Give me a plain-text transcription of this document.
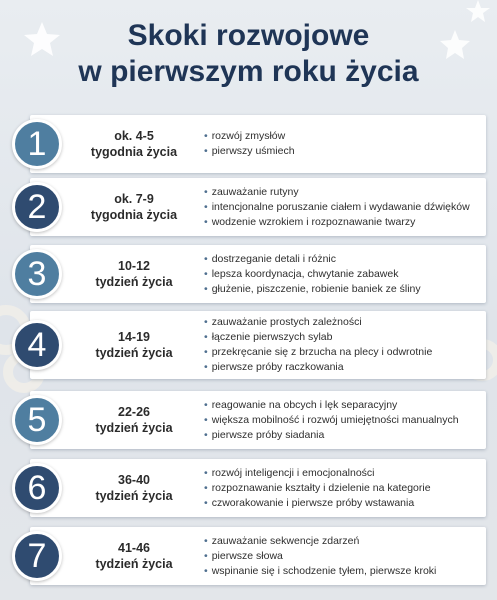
Skoki rozwojowe
w pierwszym roku życia
1	ok. 4-5
tygodnia życia
• rozwój zmysłów
• pierwszy uśmiech
2	ok. 7-9
tygodnia życia
• zauważanie rutyny
• intencjonalne poruszanie ciałem i wydawanie dźwięków
• wodzenie wzrokiem i rozpoznawanie twarzy
3	10-12
tydzień życia
• dostrzeganie detali i różnic
• lepsza koordynacja, chwytanie zabawek
• głużenie, piszczenie, robienie baniek ze śliny
4	14-19
tydzień życia
• zauważanie prostych zależności
• łączenie pierwszych sylab
• przekręcanie się z brzucha na plecy i odwrotnie
• pierwsze próby raczkowania
5	22-26
tydzień życia
• reagowanie na obcych i lęk separacyjny
• większa mobilność i rozwój umiejętności manualnych
• pierwsze próby siadania
6	36-40
tydzień życia
• rozwój inteligencji i emocjonalności
• rozpoznawanie kształty i dzielenie na kategorie
• czworakowanie i pierwsze próby wstawania
7	41-46
tydzień życia
• zauważanie sekwencje zdarzeń
• pierwsze słowa
• wspinanie się i schodzenie tyłem, pierwsze kroki
